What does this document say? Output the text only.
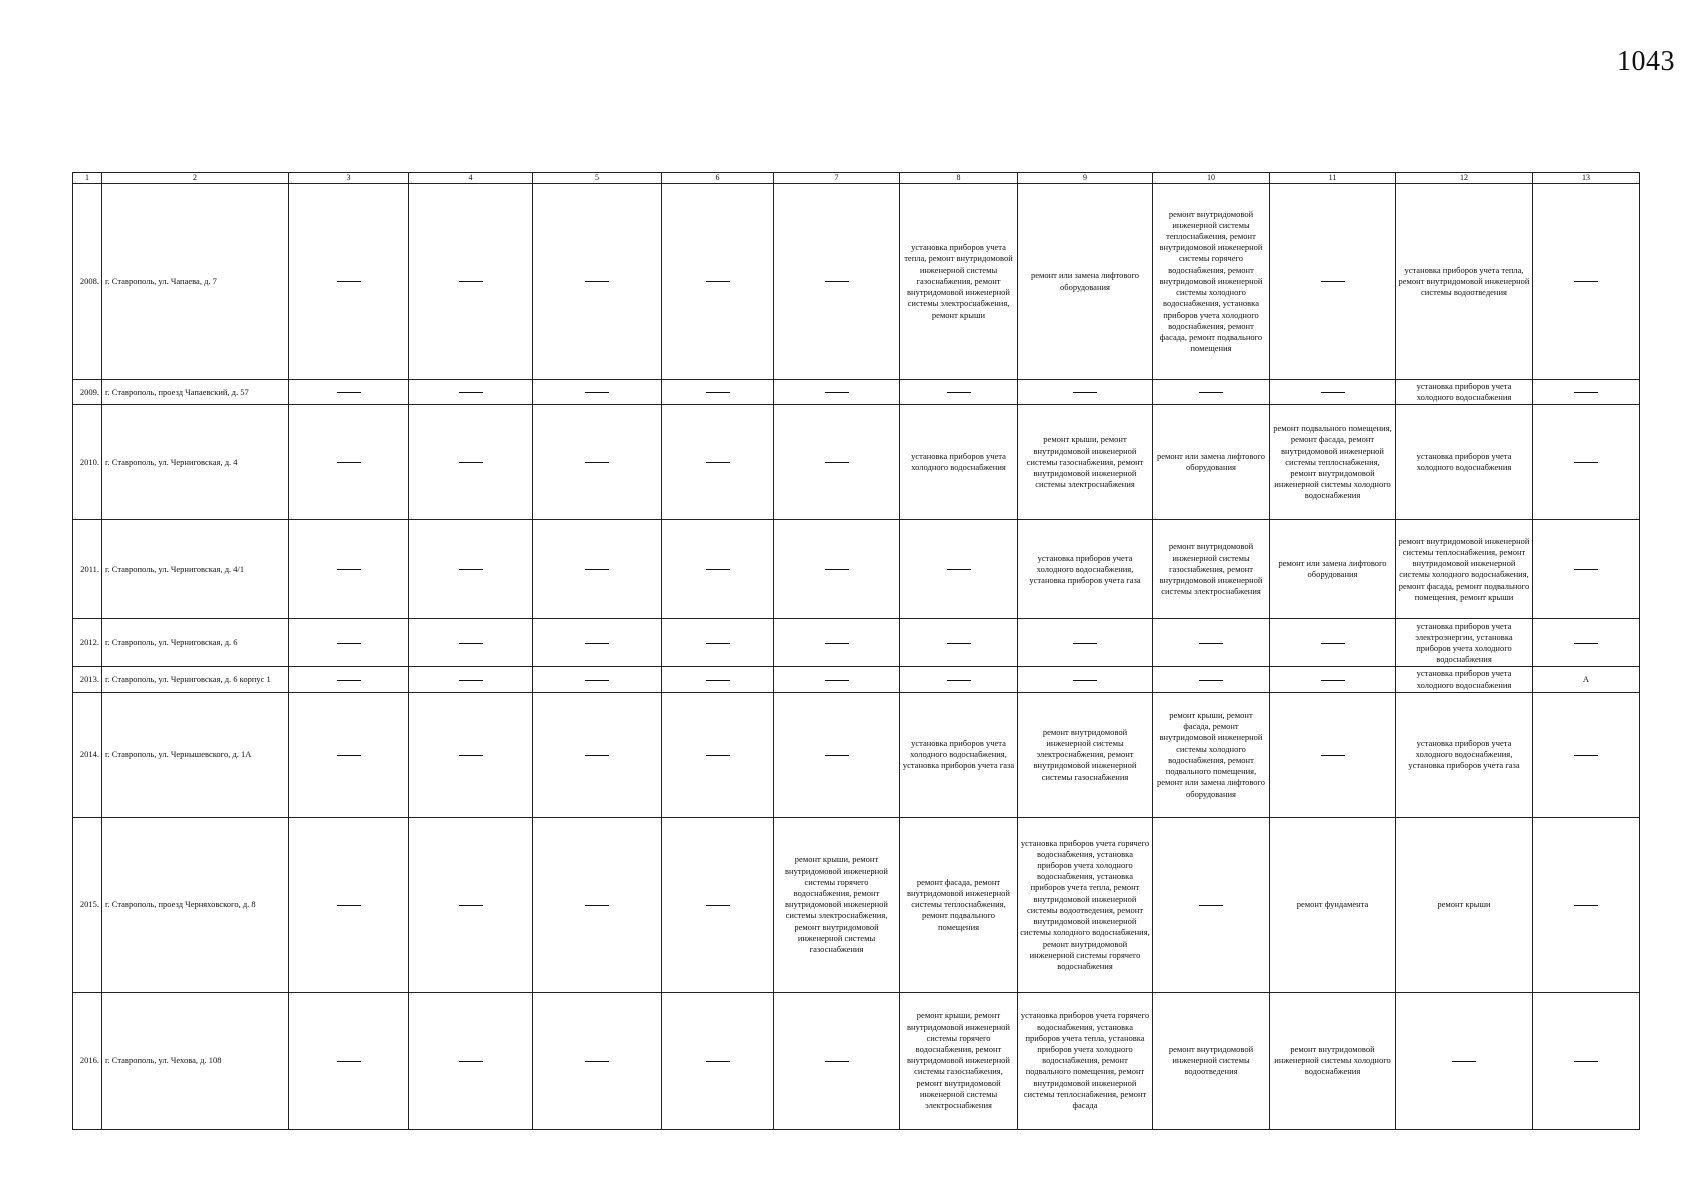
1043
1	2	3	4	5	6	7	8	9	10	11	12	13
2008.	г. Ставрополь, ул. Чапаева, д. 7						установка приборов учета тепла, ремонт внутридомовой инженерной системы газоснабжения, ремонт внутридомовой инженерной системы электроснабжения, ремонт крыши	ремонт или замена лифтового оборудования	ремонт внутридомовой инженерной системы теплоснабжения, ремонт внутридомовой инженерной системы горячего водоснабжения, ремонт внутридомовой инженерной системы холодного водоснабжения, установка приборов учета холодного водоснабжения, ремонт фасада, ремонт подвального помещения		установка приборов учета тепла, ремонт внутридомовой инженерной системы водоотведения	
2009.	г. Ставрополь, проезд Чапаевский, д. 57										установка приборов учета холодного водоснабжения	
2010.	г. Ставрополь, ул. Черниговская, д. 4						установка приборов учета холодного водоснабжения	ремонт крыши, ремонт внутридомовой инженерной системы газоснабжения, ремонт внутридомовой инженерной системы электроснабжения	ремонт или замена лифтового оборудования	ремонт подвального помещения, ремонт фасада, ремонт внутридомовой инженерной системы теплоснабжения, ремонт внутридомовой инженерной системы холодного водоснабжения	установка приборов учета холодного водоснабжения	
2011.	г. Ставрополь, ул. Черниговская, д. 4/1							установка приборов учета холодного водоснабжения, установка приборов учета газа	ремонт внутридомовой инженерной системы газоснабжения, ремонт внутридомовой инженерной системы электроснабжения	ремонт или замена лифтового оборудования	ремонт внутридомовой инженерной системы теплоснабжения, ремонт внутридомовой инженерной системы холодного водоснабжения, ремонт фасада, ремонт подвального помещения, ремонт крыши	
2012.	г. Ставрополь, ул. Черниговская, д. 6										установка приборов учета электроэнергии, установка приборов учета холодного водоснабжения	
2013.	г. Ставрополь, ул. Черниговская, д. 6 корпус 1										установка приборов учета холодного водоснабжения	А
2014.	г. Ставрополь, ул. Чернышевского, д. 1А						установка приборов учета холодного водоснабжения, установка приборов учета газа	ремонт внутридомовой инженерной системы электроснабжения, ремонт внутридомовой инженерной системы газоснабжения	ремонт крыши, ремонт фасада, ремонт внутридомовой инженерной системы холодного водоснабжения, ремонт подвального помещения, ремонт или замена лифтового оборудования		установка приборов учета холодного водоснабжения, установка приборов учета газа	
2015.	г. Ставрополь, проезд Черняховского, д. 8					ремонт крыши, ремонт внутридомовой инженерной системы горячего водоснабжения, ремонт внутридомовой инженерной системы электроснабжения, ремонт внутридомовой инженерной системы газоснабжения	ремонт фасада, ремонт внутридомовой инженерной системы теплоснабжения, ремонт подвального помещения	установка приборов учета горячего водоснабжения, установка приборов учета холодного водоснабжения, установка приборов учета тепла, ремонт внутридомовой инженерной системы водоотведения, ремонт внутридомовой инженерной системы холодного водоснабжения, ремонт внутридомовой инженерной системы горячего водоснабжения		ремонт фундамента	ремонт крыши	
2016.	г. Ставрополь, ул. Чехова, д. 108						ремонт крыши, ремонт внутридомовой инженерной системы горячего водоснабжения, ремонт внутридомовой инженерной системы газоснабжения, ремонт внутридомовой инженерной системы электроснабжения	установка приборов учета горячего водоснабжения, установка приборов учета тепла, установка приборов учета холодного водоснабжения, ремонт подвального помещения, ремонт внутридомовой инженерной системы теплоснабжения, ремонт фасада	ремонт внутридомовой инженерной системы водоотведения	ремонт внутридомовой инженерной системы холодного водоснабжения		
